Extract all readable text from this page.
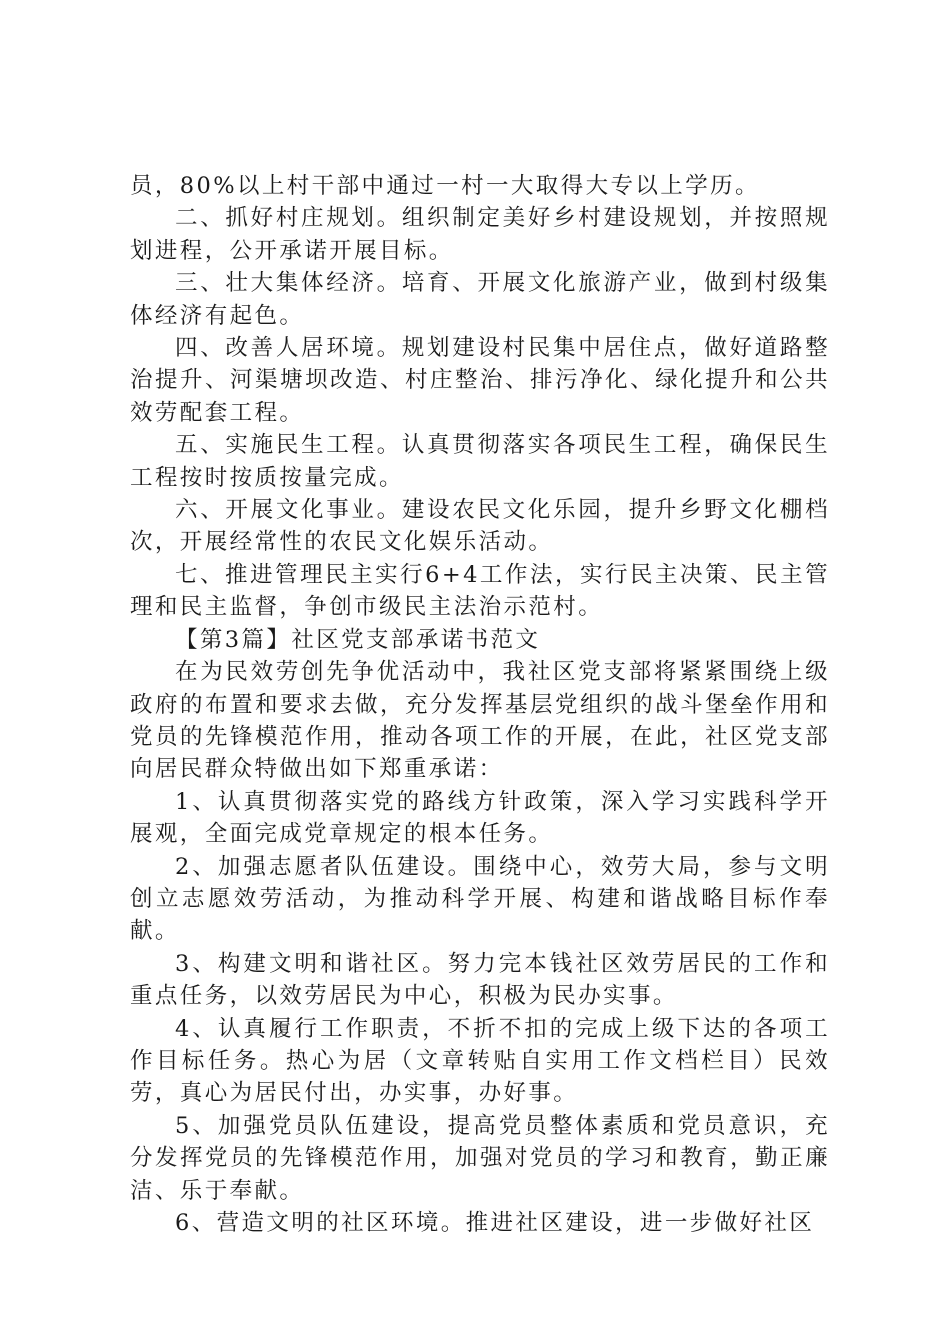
员，80%以上村干部中通过一村一大取得大专以上学历。

二、抓好村庄规划。组织制定美好乡村建设规划，并按照规划进程，公开承诺开展目标。

三、壮大集体经济。培育、开展文化旅游产业，做到村级集体经济有起色。

四、改善人居环境。规划建设村民集中居住点，做好道路整治提升、河渠塘坝改造、村庄整治、排污净化、绿化提升和公共效劳配套工程。

五、实施民生工程。认真贯彻落实各项民生工程，确保民生工程按时按质按量完成。

六、开展文化事业。建设农民文化乐园，提升乡野文化棚档次，开展经常性的农民文化娱乐活动。

七、推进管理民主实行6+4工作法，实行民主决策、民主管理和民主监督，争创市级民主法治示范村。

【第3篇】社区党支部承诺书范文

在为民效劳创先争优活动中，我社区党支部将紧紧围绕上级政府的布置和要求去做，充分发挥基层党组织的战斗堡垒作用和党员的先锋模范作用，推动各项工作的开展，在此，社区党支部向居民群众特做出如下郑重承诺：

1、认真贯彻落实党的路线方针政策，深入学习实践科学开展观，全面完成党章规定的根本任务。

2、加强志愿者队伍建设。围绕中心，效劳大局，参与文明创立志愿效劳活动，为推动科学开展、构建和谐战略目标作奉献。

3、构建文明和谐社区。努力完本钱社区效劳居民的工作和重点任务，以效劳居民为中心，积极为民办实事。

4、认真履行工作职责，不折不扣的完成上级下达的各项工作目标任务。热心为居（文章转贴自实用工作文档栏目）民效劳，真心为居民付出，办实事，办好事。

5、加强党员队伍建设，提高党员整体素质和党员意识，充分发挥党员的先锋模范作用，加强对党员的学习和教育，勤正廉洁、乐于奉献。

6、营造文明的社区环境。推进社区建设，进一步做好社区
